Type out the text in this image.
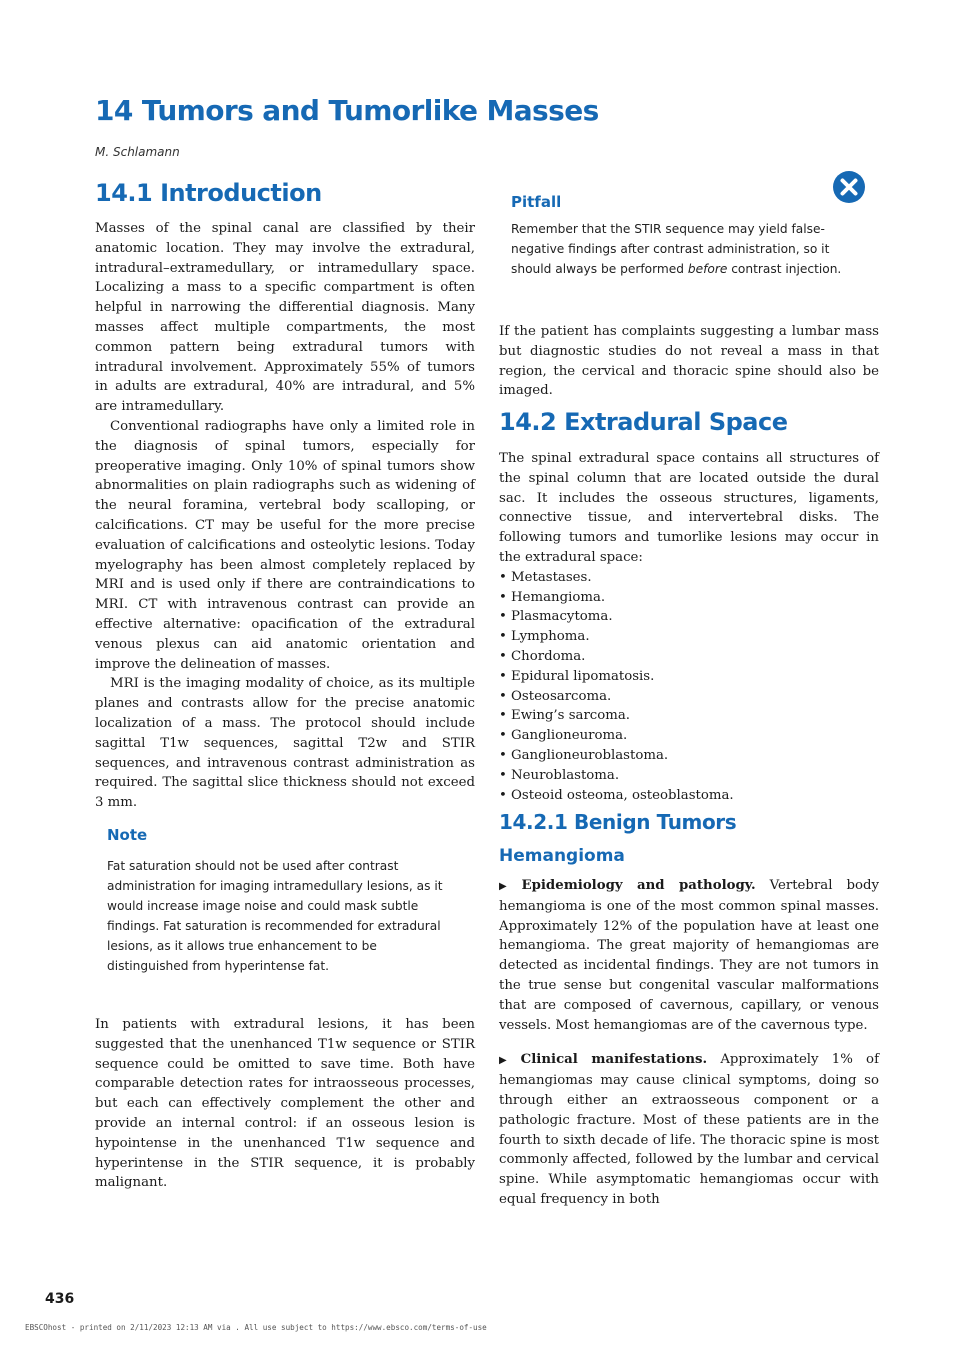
14 Tumors and Tumorlike Masses
M. Schlamann
14.1 Introduction

Masses of the spinal canal are classified by their anatomic location. They may involve the extradural, intradural–extramedullary, or intramedullary space. Localizing a mass to a specific compartment is often helpful in narrowing the differential diagnosis. Many masses affect multiple compartments, the most common pattern being extradural tumors with intradural involvement. Approximately 55% of tumors in adults are extradural, 40% are intradural, and 5% are intramedullary.

Conventional radiographs have only a limited role in the diagnosis of spinal tumors, especially for preoperative imaging. Only 10% of spinal tumors show abnormalities on plain radiographs such as widening of the neural foramina, vertebral body scalloping, or calcifications. CT may be useful for the more precise evaluation of calcifications and osteolytic lesions. Today myelography has been almost completely replaced by MRI and is used only if there are contraindications to MRI. CT with intravenous contrast can provide an effective alternative: opacification of the extradural venous plexus can aid anatomic orientation and improve the delineation of masses.

MRI is the imaging modality of choice, as its multiple planes and contrasts allow for the precise anatomic localization of a mass. The protocol should include sagittal T1w sequences, sagittal T2w and STIR sequences, and intravenous contrast administration as required. The sagittal slice thickness should not exceed 3 mm.

Note
Fat saturation should not be used after contrast administration for imaging intramedullary lesions, as it would increase image noise and could mask subtle findings. Fat saturation is recommended for extradural lesions, as it allows true enhancement to be distinguished from hyperintense fat.

In patients with extradural lesions, it has been suggested that the unenhanced T1w sequence or STIR sequence could be omitted to save time. Both have comparable detection rates for intraosseous processes, but each can effectively complement the other and provide an internal control: if an osseous lesion is hypointense in the unenhanced T1w sequence and hyperintense in the STIR sequence, it is probably malignant.

Pitfall
Remember that the STIR sequence may yield false-negative findings after contrast administration, so it should always be performed before contrast injection.

If the patient has complaints suggesting a lumbar mass but diagnostic studies do not reveal a mass in that region, the cervical and thoracic spine should also be imaged.

14.2 Extradural Space

The spinal extradural space contains all structures of the spinal column that are located outside the dural sac. It includes the osseous structures, ligaments, connective tissue, and intervertebral disks. The following tumors and tumorlike lesions may occur in the extradural space:

• Metastases.
• Hemangioma.
• Plasmacytoma.
• Lymphoma.
• Chordoma.
• Epidural lipomatosis.
• Osteosarcoma.
• Ewing’s sarcoma.
• Ganglioneuroma.
• Ganglioneuroblastoma.
• Neuroblastoma.
• Osteoid osteoma, osteoblastoma.
14.2.1 Benign Tumors
Hemangioma

▶ Epidemiology and pathology. Vertebral body hemangioma is one of the most common spinal masses. Approximately 12% of the population have at least one hemangioma. The great majority of hemangiomas are detected as incidental findings. They are not tumors in the true sense but congenital vascular malformations that are composed of cavernous, capillary, or venous vessels. Most hemangiomas are of the cavernous type.

▶ Clinical manifestations. Approximately 1% of hemangiomas may cause clinical symptoms, doing so through either an extraosseous component or a pathologic fracture. Most of these patients are in the fourth to sixth decade of life. The thoracic spine is most commonly affected, followed by the lumbar and cervical spine. While asymptomatic hemangiomas occur with equal frequency in both

436
EBSCOhost - printed on 2/11/2023 12:13 AM via . All use subject to https://www.ebsco.com/terms-of-use
